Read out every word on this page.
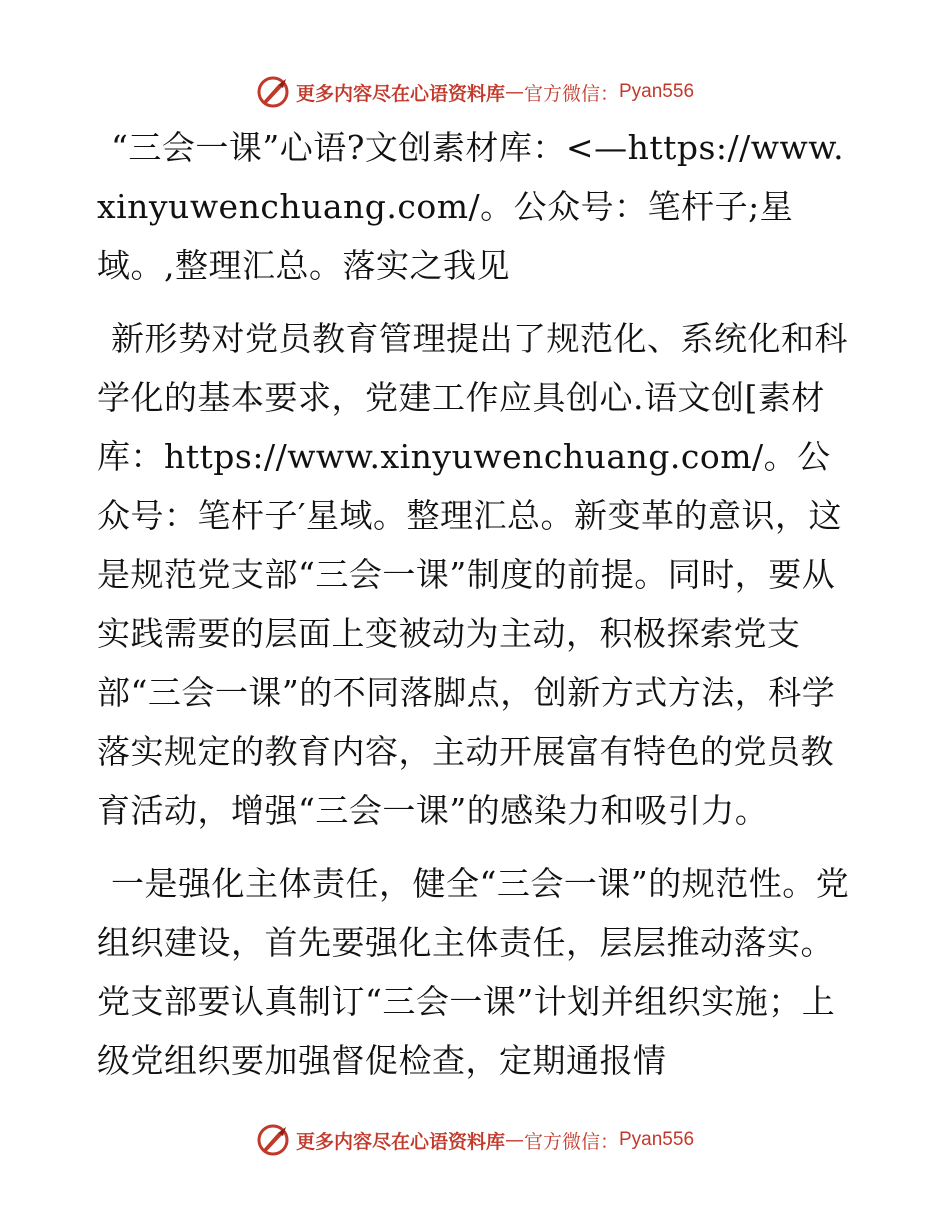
更多内容尽在心语资料库 — 官方微信： Pyan556

“三会一课”心语?文创素材库：<—https://www.xinyuwenchuang.com/。公众号：笔杆子;星域。,整理汇总。落实之我见

新形势对党员教育管理提出了规范化、系统化和科学化的基本要求，党建工作应具创心.语文创[素材库：https://www.xinyuwenchuang.com/。公众号：笔杆子′星域。整理汇总。新变革的意识，这是规范党支部“三会一课”制度的前提。同时，要从实践需要的层面上变被动为主动，积极探索党支部“三会一课”的不同落脚点，创新方式方法，科学落实规定的教育内容，主动开展富有特色的党员教育活动，增强“三会一课”的感染力和吸引力。

一是强化主体责任，健全“三会一课”的规范性。党组织建设，首先要强化主体责任，层层推动落实。党支部要认真制订“三会一课”计划并组织实施；上级党组织要加强督促检查，定期通报情

更多内容尽在心语资料库 — 官方微信： Pyan556
